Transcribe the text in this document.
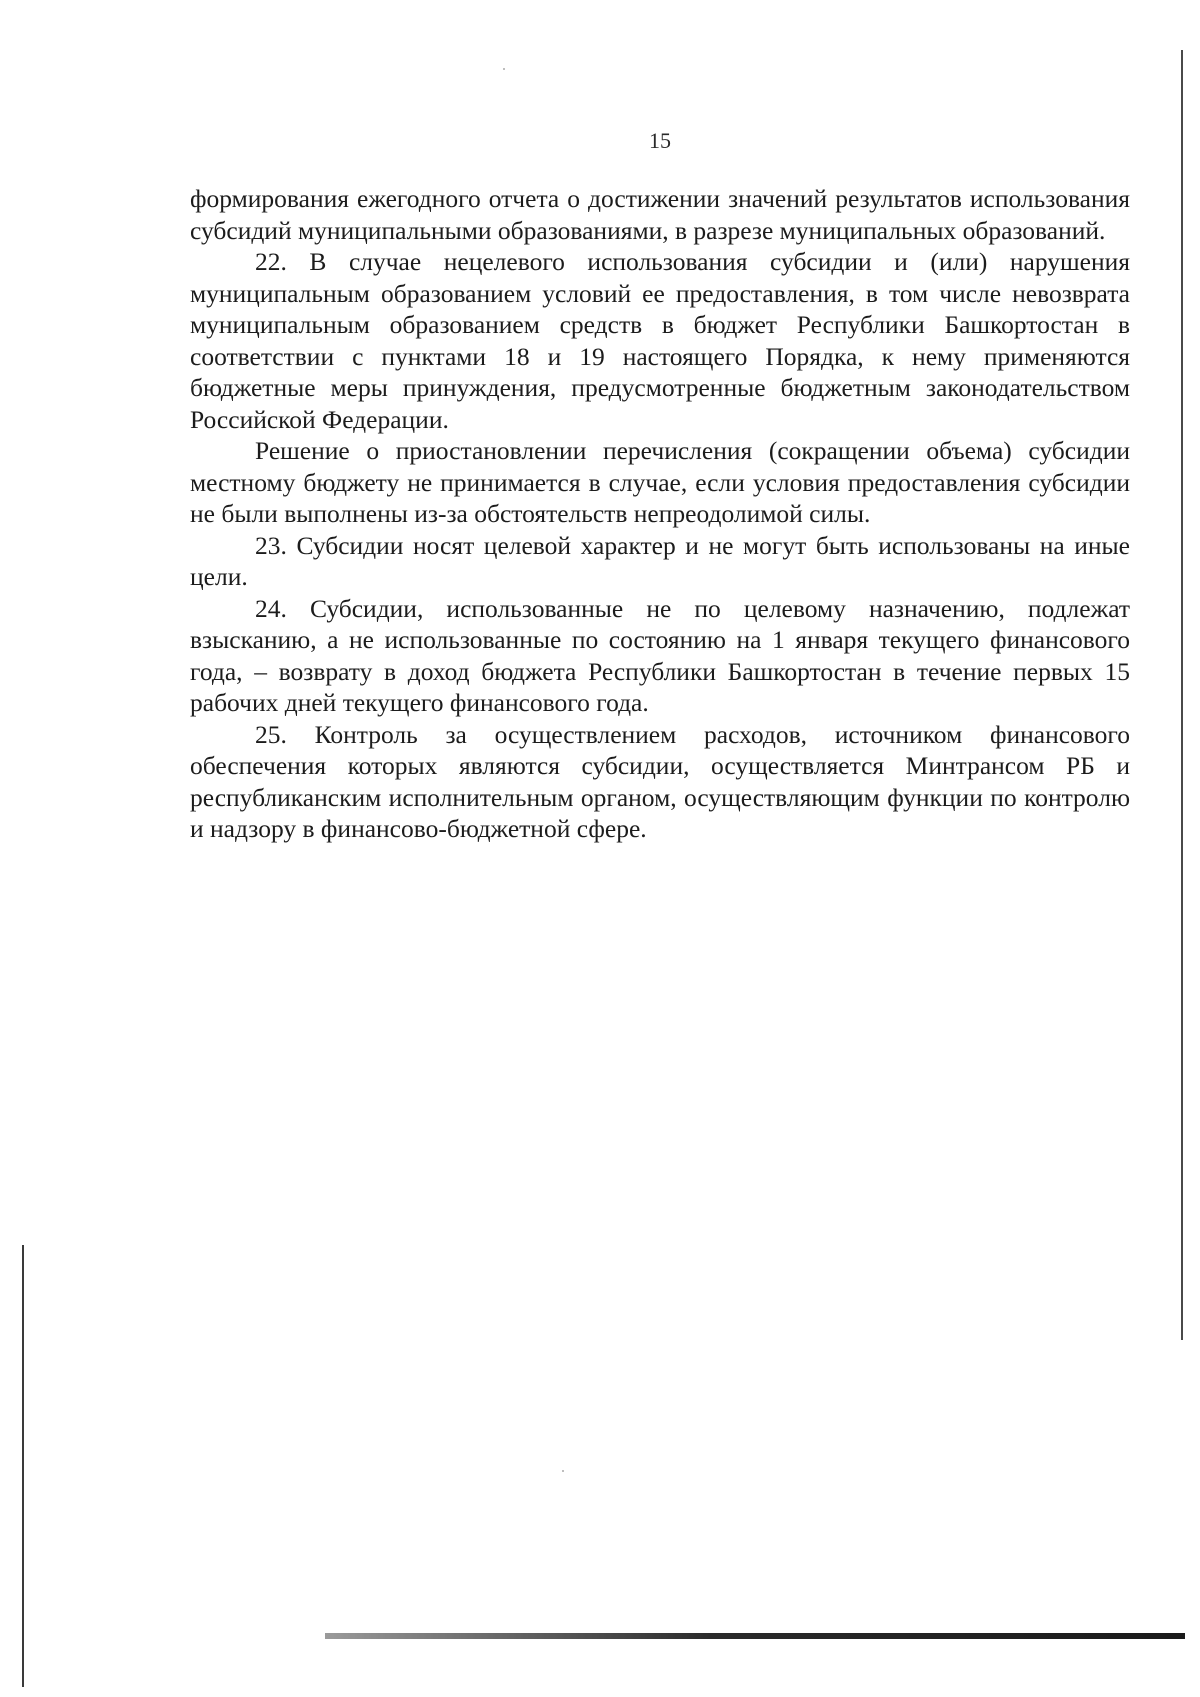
15

формирования ежегодного отчета о достижении значений результатов использования субсидий муниципальными образованиями, в разрезе муниципальных образований.

22. В случае нецелевого использования субсидии и (или) нарушения муниципальным образованием условий ее предоставления, в том числе невозврата муниципальным образованием средств в бюджет Республики Башкортостан в соответствии с пунктами 18 и 19 настоящего Порядка, к нему применяются бюджетные меры принуждения, предусмотренные бюджетным законодательством Российской Федерации.

Решение о приостановлении перечисления (сокращении объема) субсидии местному бюджету не принимается в случае, если условия предоставления субсидии не были выполнены из-за обстоятельств непреодолимой силы.

23. Субсидии носят целевой характер и не могут быть использованы на иные цели.

24. Субсидии, использованные не по целевому назначению, подлежат взысканию, а не использованные по состоянию на 1 января текущего финансового года, – возврату в доход бюджета Республики Башкортостан в течение первых 15 рабочих дней текущего финансового года.

25. Контроль за осуществлением расходов, источником финансового обеспечения которых являются субсидии, осуществляется Минтрансом РБ и республиканским исполнительным органом, осуществляющим функции по контролю и надзору в финансово-бюджетной сфере.
